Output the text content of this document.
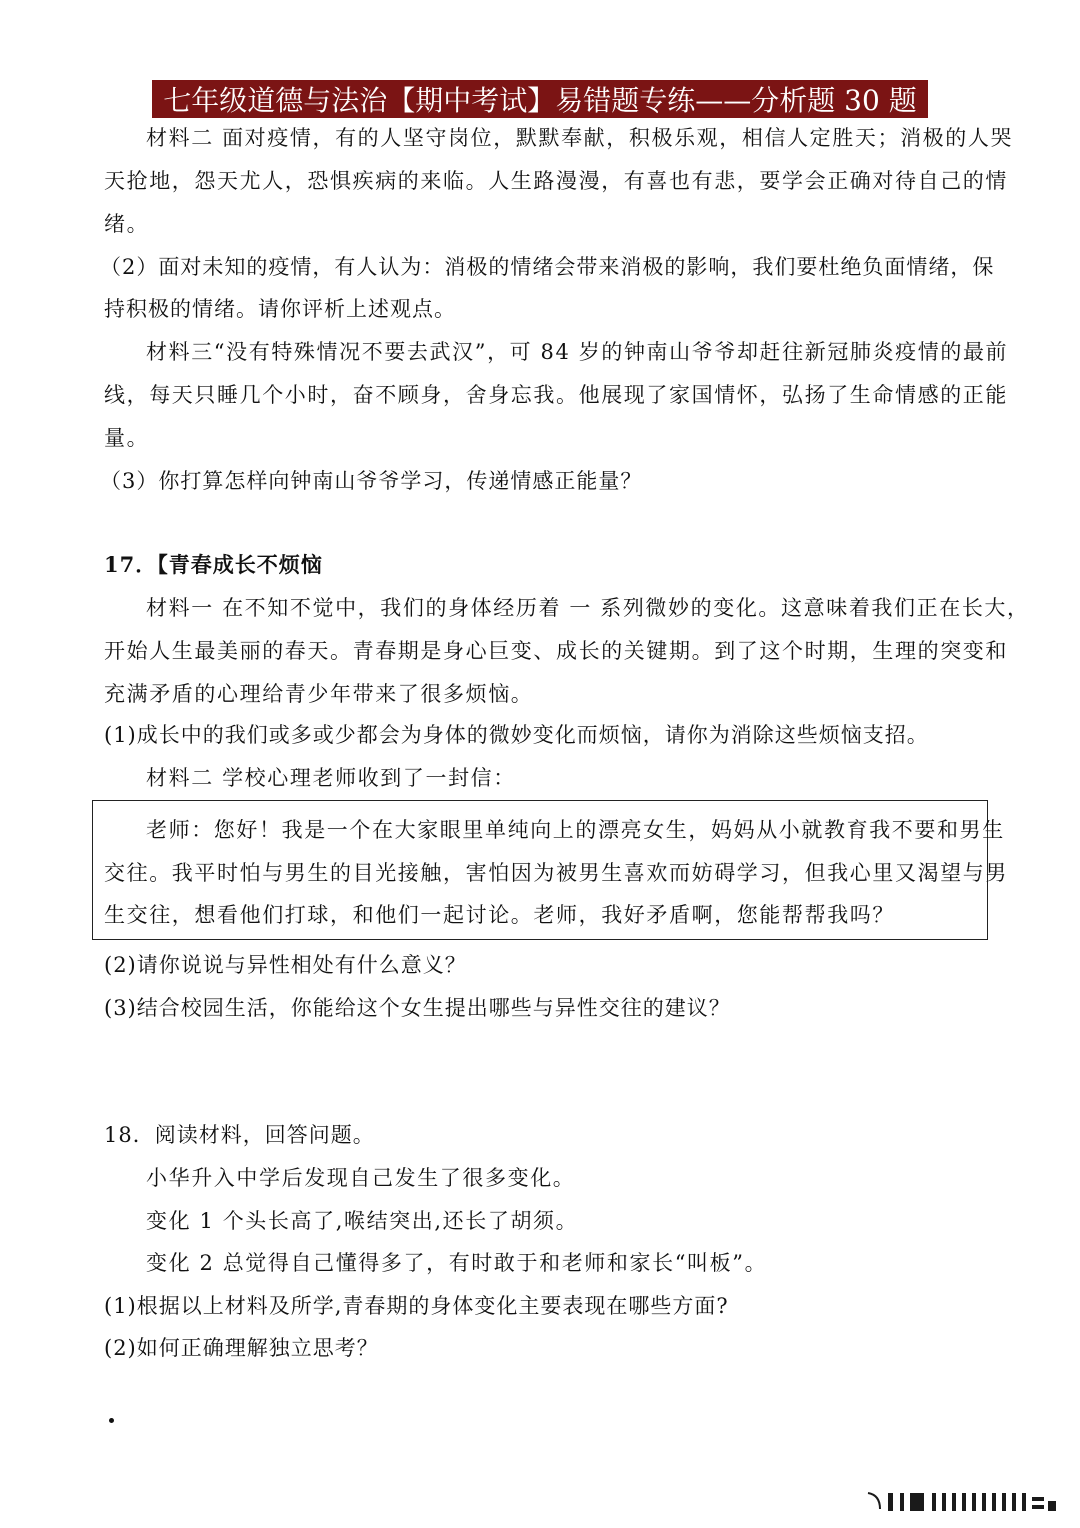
七年级道德与法治【期中考试】易错题专练——分析题 30 题
材料二 面对疫情，有的人坚守岗位，默默奉献，积极乐观，相信人定胜天；消极的人哭
天抢地，怨天尤人，恐惧疾病的来临。人生路漫漫，有喜也有悲，要学会正确对待自己的情
绪。
（2）面对未知的疫情，有人认为：消极的情绪会带来消极的影响，我们要杜绝负面情绪，保
持积极的情绪。请你评析上述观点。
材料三“没有特殊情况不要去武汉”，可 84 岁的钟南山爷爷却赶往新冠肺炎疫情的最前
线，每天只睡几个小时，奋不顾身，舍身忘我。他展现了家国情怀，弘扬了生命情感的正能
量。
（3）你打算怎样向钟南山爷爷学习，传递情感正能量？
17．【青春成长不烦恼
材料一 在不知不觉中，我们的身体经历着 一 系列微妙的变化。这意味着我们正在长大，
开始人生最美丽的春天。青春期是身心巨变、成长的关键期。到了这个时期，生理的突变和
充满矛盾的心理给青少年带来了很多烦恼。
(1)成长中的我们或多或少都会为身体的微妙变化而烦恼，请你为消除这些烦恼支招。
材料二 学校心理老师收到了一封信：
老师：您好！我是一个在大家眼里单纯向上的漂亮女生，妈妈从小就教育我不要和男生
交往。我平时怕与男生的目光接触，害怕因为被男生喜欢而妨碍学习，但我心里又渴望与男
生交往，想看他们打球，和他们一起讨论。老师，我好矛盾啊，您能帮帮我吗？
(2)请你说说与异性相处有什么意义？
(3)结合校园生活，你能给这个女生提出哪些与异性交往的建议？
18．阅读材料，回答问题。
小华升入中学后发现自己发生了很多变化。
变化 1 个头长高了,喉结突出,还长了胡须。
变化 2 总觉得自己懂得多了，有时敢于和老师和家长“叫板”。
(1)根据以上材料及所学,青春期的身体变化主要表现在哪些方面?
(2)如何正确理解独立思考？
